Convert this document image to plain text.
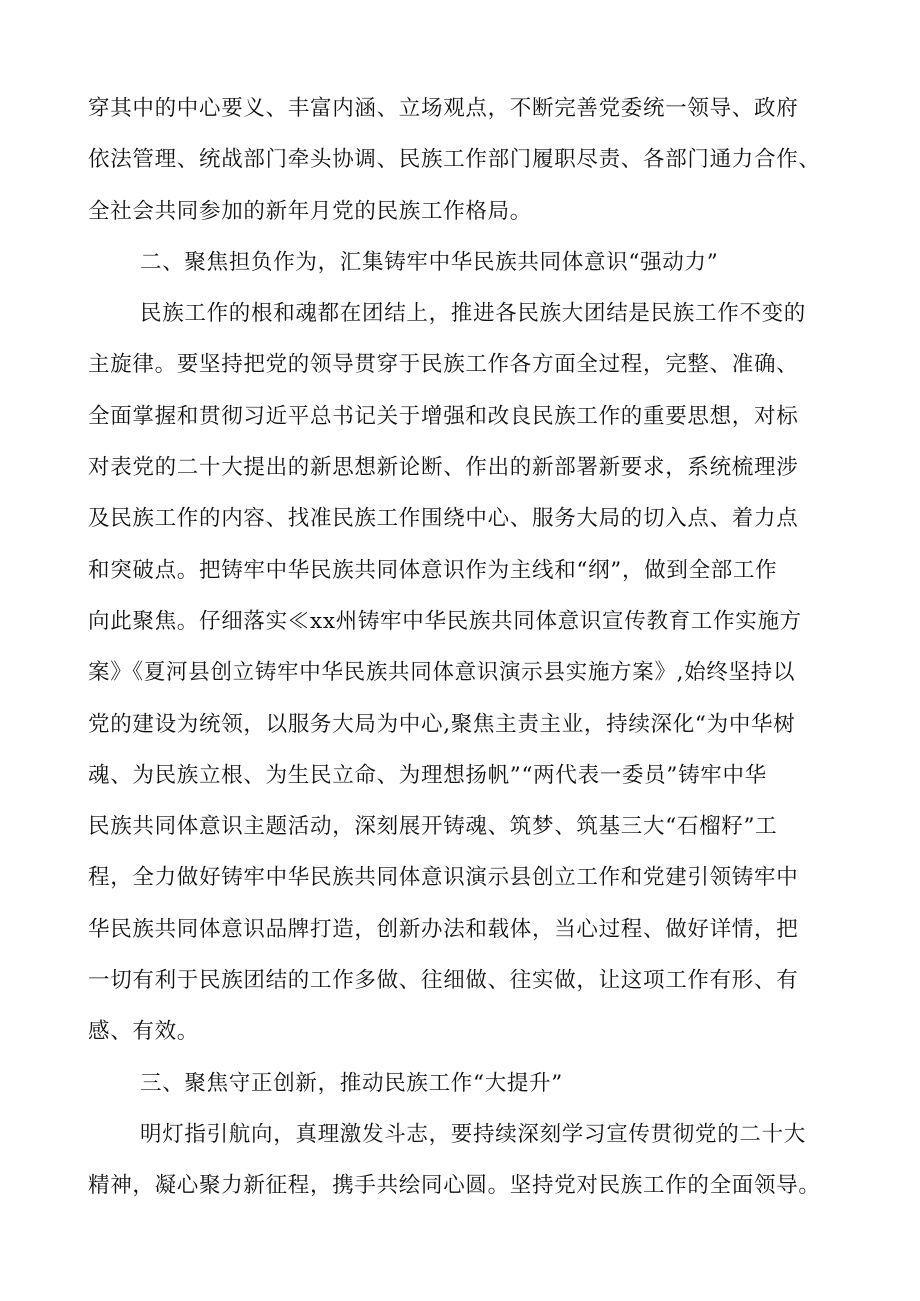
穿其中的中心要义、丰富内涵、立场观点，不断完善党委统一领导、政府
依法管理、统战部门牵头协调、民族工作部门履职尽责、各部门通力合作、
全社会共同参加的新年月党的民族工作格局。
二、聚焦担负作为，汇集铸牢中华民族共同体意识“强动力”
民族工作的根和魂都在团结上，推进各民族大团结是民族工作不变的
主旋律。要坚持把党的领导贯穿于民族工作各方面全过程，完整、准确、
全面掌握和贯彻习近平总书记关于增强和改良民族工作的重要思想，对标
对表党的二十大提出的新思想新论断、作出的新部署新要求，系统梳理涉
及民族工作的内容、找准民族工作围绕中心、服务大局的切入点、着力点
和突破点。把铸牢中华民族共同体意识作为主线和“纲”，做到全部工作
向此聚焦。仔细落实≪xx州铸牢中华民族共同体意识宣传教育工作实施方
案》《夏河县创立铸牢中华民族共同体意识演示县实施方案》,始终坚持以
党的建设为统领，以服务大局为中心,聚焦主责主业，持续深化“为中华树
魂、为民族立根、为生民立命、为理想扬帆”“两代表一委员”铸牢中华
民族共同体意识主题活动，深刻展开铸魂、筑梦、筑基三大“石榴籽”工
程，全力做好铸牢中华民族共同体意识演示县创立工作和党建引领铸牢中
华民族共同体意识品牌打造，创新办法和载体，当心过程、做好详情，把
一切有利于民族团结的工作多做、往细做、往实做，让这项工作有形、有
感、有效。
三、聚焦守正创新，推动民族工作“大提升”
明灯指引航向，真理激发斗志，要持续深刻学习宣传贯彻党的二十大
精神，凝心聚力新征程，携手共绘同心圆。坚持党对民族工作的全面领导。
